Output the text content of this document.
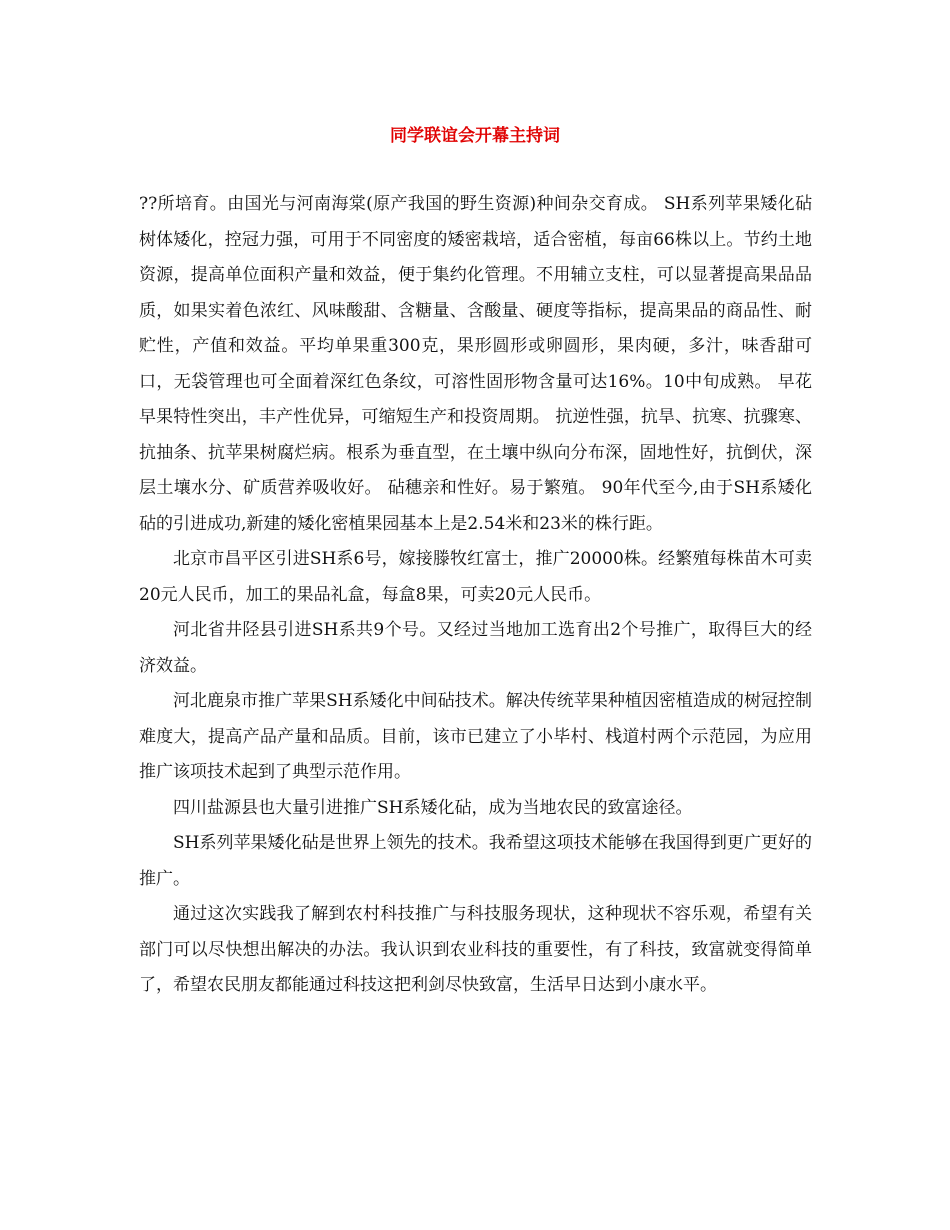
同学联谊会开幕主持词

??所培育。由国光与河南海棠(原产我国的野生资源)种间杂交育成。 SH系列苹果矮化砧树体矮化，控冠力强，可用于不同密度的矮密栽培，适合密植，每亩66株以上。节约土地资源，提高单位面积产量和效益，便于集约化管理。不用辅立支柱，可以显著提高果品品质，如果实着色浓红、风味酸甜、含糖量、含酸量、硬度等指标，提高果品的商品性、耐贮性，产值和效益。平均单果重300克，果形圆形或卵圆形，果肉硬，多汁，味香甜可口，无袋管理也可全面着深红色条纹，可溶性固形物含量可达16%。10中旬成熟。 早花早果特性突出，丰产性优异，可缩短生产和投资周期。 抗逆性强，抗旱、抗寒、抗骤寒、抗抽条、抗苹果树腐烂病。根系为垂直型，在土壤中纵向分布深，固地性好，抗倒伏，深层土壤水分、矿质营养吸收好。 砧穗亲和性好。易于繁殖。 90年代至今,由于SH系矮化砧的引进成功,新建的矮化密植果园基本上是2.54米和23米的株行距。

北京市昌平区引进SH系6号，嫁接滕牧红富士，推广20000株。经繁殖每株苗木可卖20元人民币，加工的果品礼盒，每盒8果，可卖20元人民币。

河北省井陉县引进SH系共9个号。又经过当地加工选育出2个号推广，取得巨大的经济效益。

河北鹿泉市推广苹果SH系矮化中间砧技术。解决传统苹果种植因密植造成的树冠控制难度大，提高产品产量和品质。目前，该市已建立了小毕村、栈道村两个示范园，为应用推广该项技术起到了典型示范作用。

四川盐源县也大量引进推广SH系矮化砧，成为当地农民的致富途径。

SH系列苹果矮化砧是世界上领先的技术。我希望这项技术能够在我国得到更广更好的推广。

通过这次实践我了解到农村科技推广与科技服务现状，这种现状不容乐观，希望有关部门可以尽快想出解决的办法。我认识到农业科技的重要性，有了科技，致富就变得简单了，希望农民朋友都能通过科技这把利剑尽快致富，生活早日达到小康水平。
